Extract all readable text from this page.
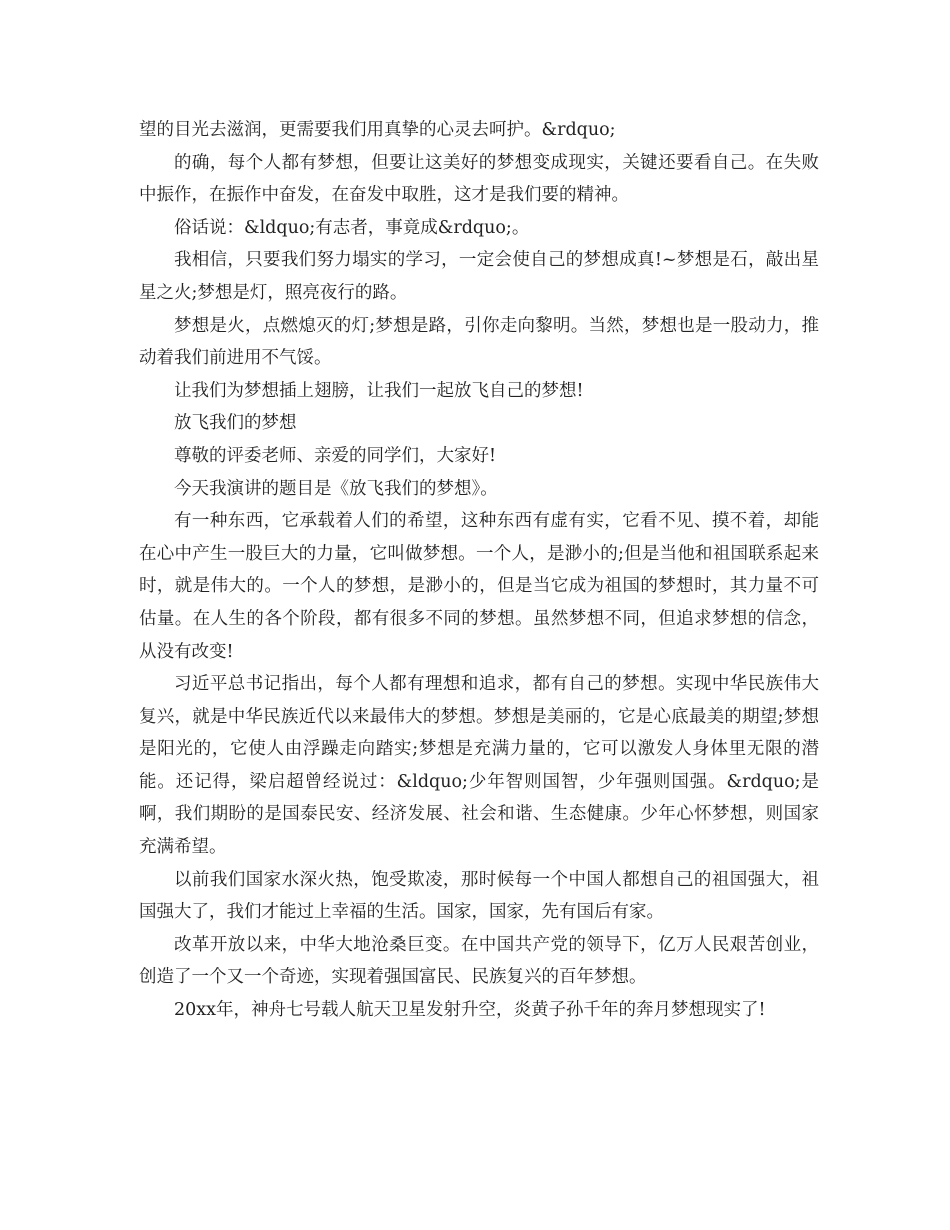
望的目光去滋润，更需要我们用真挚的心灵去呵护。&rdquo;

的确，每个人都有梦想，但要让这美好的梦想变成现实，关键还要看自己。在失败中振作，在振作中奋发，在奋发中取胜，这才是我们要的精神。

俗话说：&ldquo;有志者，事竟成&rdquo;。

我相信，只要我们努力塌实的学习，一定会使自己的梦想成真!~梦想是石，敲出星星之火;梦想是灯，照亮夜行的路。

梦想是火，点燃熄灭的灯;梦想是路，引你走向黎明。当然，梦想也是一股动力，推动着我们前进用不气馁。

让我们为梦想插上翅膀，让我们一起放飞自己的梦想!

放飞我们的梦想

尊敬的评委老师、亲爱的同学们，大家好!

今天我演讲的题目是《放飞我们的梦想》。

有一种东西，它承载着人们的希望，这种东西有虚有实，它看不见、摸不着，却能在心中产生一股巨大的力量，它叫做梦想。一个人，是渺小的;但是当他和祖国联系起来时，就是伟大的。一个人的梦想，是渺小的，但是当它成为祖国的梦想时，其力量不可估量。在人生的各个阶段，都有很多不同的梦想。虽然梦想不同，但追求梦想的信念，从没有改变!

习近平总书记指出，每个人都有理想和追求，都有自己的梦想。实现中华民族伟大复兴，就是中华民族近代以来最伟大的梦想。梦想是美丽的，它是心底最美的期望;梦想是阳光的，它使人由浮躁走向踏实;梦想是充满力量的，它可以激发人身体里无限的潜能。还记得，梁启超曾经说过：&ldquo;少年智则国智，少年强则国强。&rdquo;是啊，我们期盼的是国泰民安、经济发展、社会和谐、生态健康。少年心怀梦想，则国家充满希望。

以前我们国家水深火热，饱受欺凌，那时候每一个中国人都想自己的祖国强大，祖国强大了，我们才能过上幸福的生活。国家，国家，先有国后有家。

改革开放以来，中华大地沧桑巨变。在中国共产党的领导下，亿万人民艰苦创业，创造了一个又一个奇迹，实现着强国富民、民族复兴的百年梦想。

20xx年，神舟七号载人航天卫星发射升空，炎黄子孙千年的奔月梦想现实了!
